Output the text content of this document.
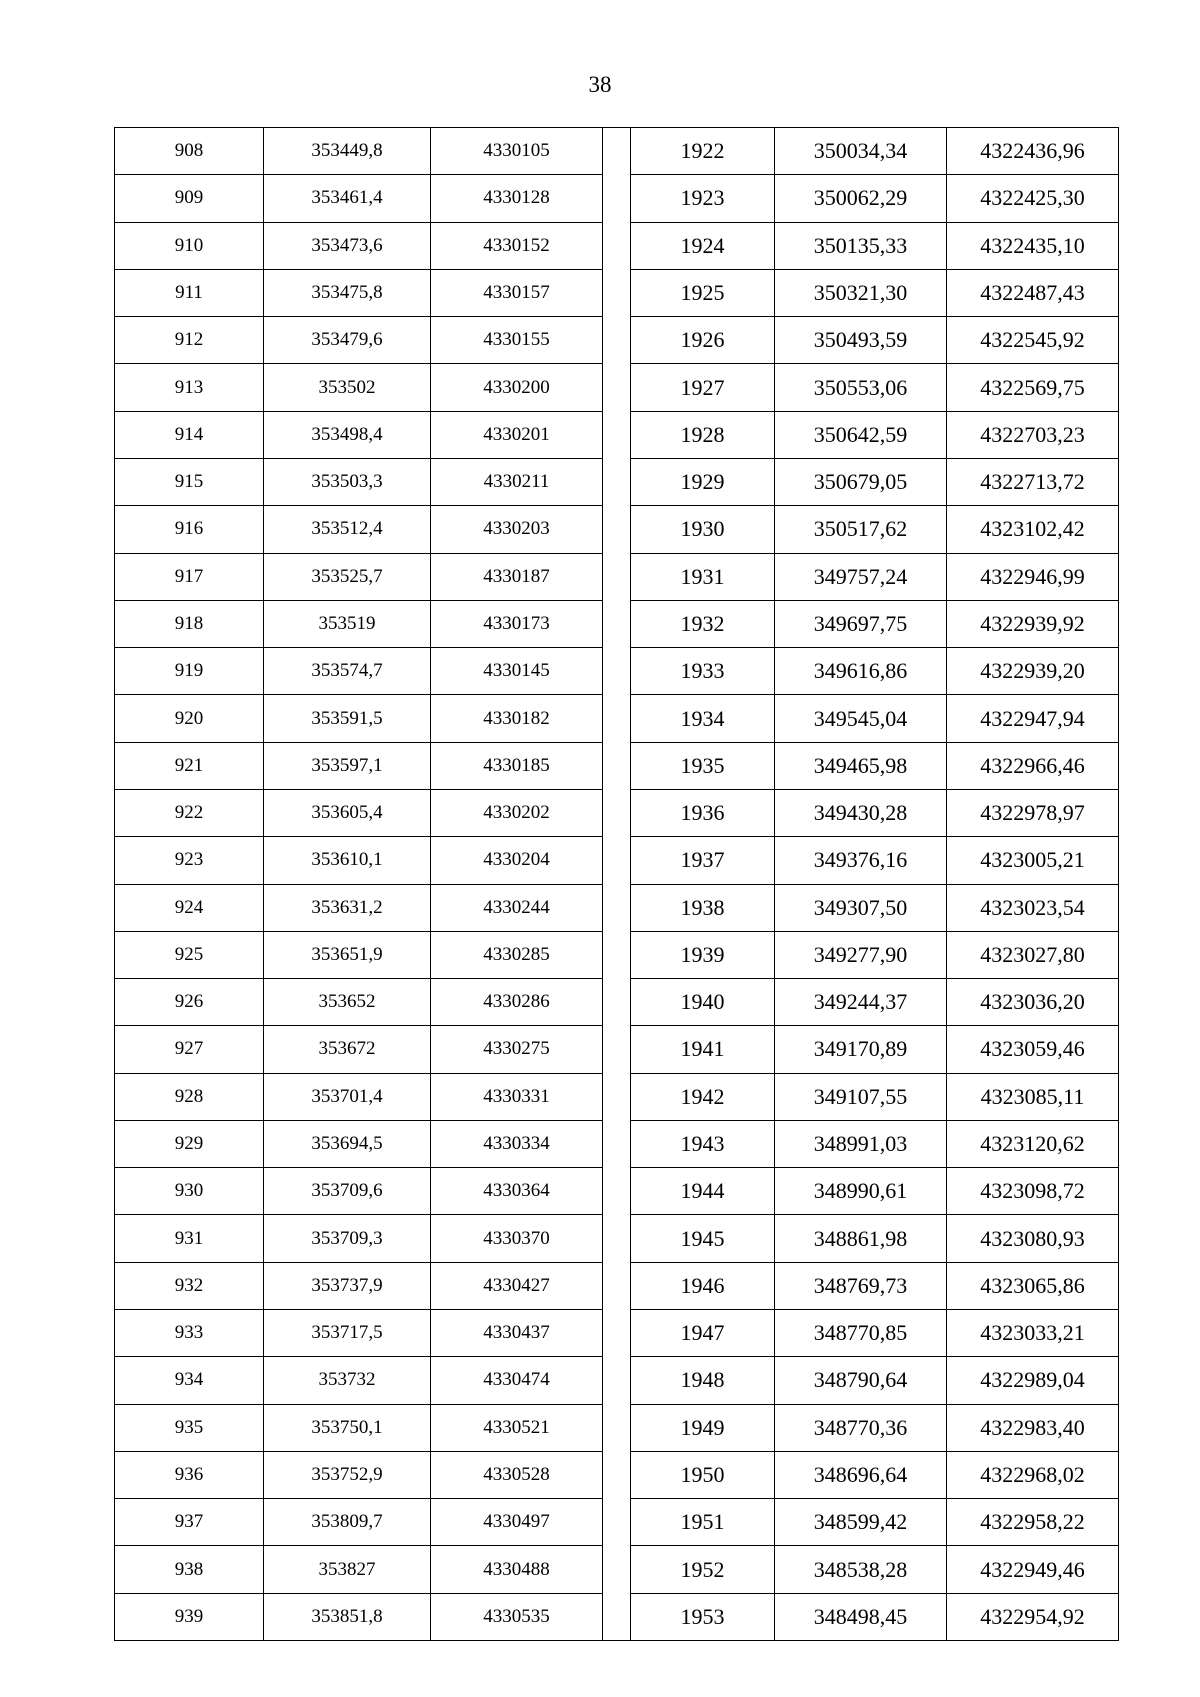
38
908	353449,8	4330105		1922	350034,34	4322436,96
909	353461,4	4330128		1923	350062,29	4322425,30
910	353473,6	4330152		1924	350135,33	4322435,10
911	353475,8	4330157		1925	350321,30	4322487,43
912	353479,6	4330155		1926	350493,59	4322545,92
913	353502	4330200		1927	350553,06	4322569,75
914	353498,4	4330201		1928	350642,59	4322703,23
915	353503,3	4330211		1929	350679,05	4322713,72
916	353512,4	4330203		1930	350517,62	4323102,42
917	353525,7	4330187		1931	349757,24	4322946,99
918	353519	4330173		1932	349697,75	4322939,92
919	353574,7	4330145		1933	349616,86	4322939,20
920	353591,5	4330182		1934	349545,04	4322947,94
921	353597,1	4330185		1935	349465,98	4322966,46
922	353605,4	4330202		1936	349430,28	4322978,97
923	353610,1	4330204		1937	349376,16	4323005,21
924	353631,2	4330244		1938	349307,50	4323023,54
925	353651,9	4330285		1939	349277,90	4323027,80
926	353652	4330286		1940	349244,37	4323036,20
927	353672	4330275		1941	349170,89	4323059,46
928	353701,4	4330331		1942	349107,55	4323085,11
929	353694,5	4330334		1943	348991,03	4323120,62
930	353709,6	4330364		1944	348990,61	4323098,72
931	353709,3	4330370		1945	348861,98	4323080,93
932	353737,9	4330427		1946	348769,73	4323065,86
933	353717,5	4330437		1947	348770,85	4323033,21
934	353732	4330474		1948	348790,64	4322989,04
935	353750,1	4330521		1949	348770,36	4322983,40
936	353752,9	4330528		1950	348696,64	4322968,02
937	353809,7	4330497		1951	348599,42	4322958,22
938	353827	4330488		1952	348538,28	4322949,46
939	353851,8	4330535		1953	348498,45	4322954,92
